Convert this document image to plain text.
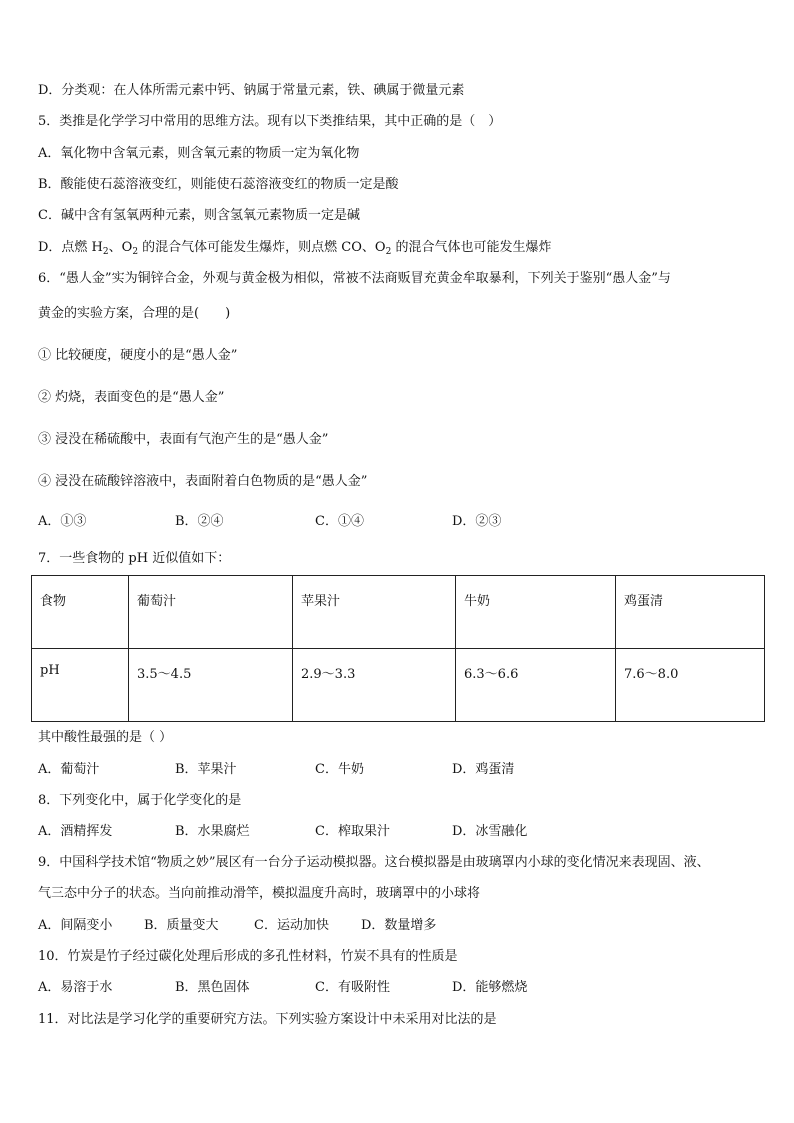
D．分类观：在人体所需元素中钙、钠属于常量元素，铁、碘属于微量元素
5．类推是化学学习中常用的思维方法。现有以下类推结果，其中正确的是（　）
A．氧化物中含氧元素，则含氧元素的物质一定为氧化物
B．酸能使石蕊溶液变红，则能使石蕊溶液变红的物质一定是酸
C．碱中含有氢氧两种元素，则含氢氧元素物质一定是碱
D．点燃 $H_2$、$O_2$ 的混合气体可能发生爆炸，则点燃 CO、$O_2$ 的混合气体也可能发生爆炸
6．“愚人金”实为铜锌合金，外观与黄金极为相似，常被不法商贩冒充黄金牟取暴利，下列关于鉴别“愚人金”与
黄金的实验方案，合理的是(　　)
① 比较硬度，硬度小的是“愚人金”
② 灼烧，表面变色的是“愚人金”
③ 浸没在稀硫酸中，表面有气泡产生的是“愚人金”
④ 浸没在硫酸锌溶液中，表面附着白色物质的是“愚人金”
A．①③	B．②④	C．①④	D．②③
7．一些食物的 pH 近似值如下：
食物	葡萄汁	苹果汁	牛奶	鸡蛋清
pH	3.5～4.5	2.9～3.3	6.3～6.6	7.6～8.0
其中酸性最强的是（ ）
A．葡萄汁	B．苹果汁	C．牛奶	D．鸡蛋清
8．下列变化中，属于化学变化的是
A．酒精挥发	B．水果腐烂	C．榨取果汁	D．冰雪融化
9．中国科学技术馆“物质之妙”展区有一台分子运动模拟器。这台模拟器是由玻璃罩内小球的变化情况来表现固、液、
气三态中分子的状态。当向前推动滑竿，模拟温度升高时，玻璃罩中的小球将
A．间隔变小 B．质量变大	C．运动加快 D．数量增多
10．竹炭是竹子经过碳化处理后形成的多孔性材料，竹炭不具有的性质是
A．易溶于水	B．黑色固体	C．有吸附性	D．能够燃烧
11．对比法是学习化学的重要研究方法。下列实验方案设计中未采用对比法的是
